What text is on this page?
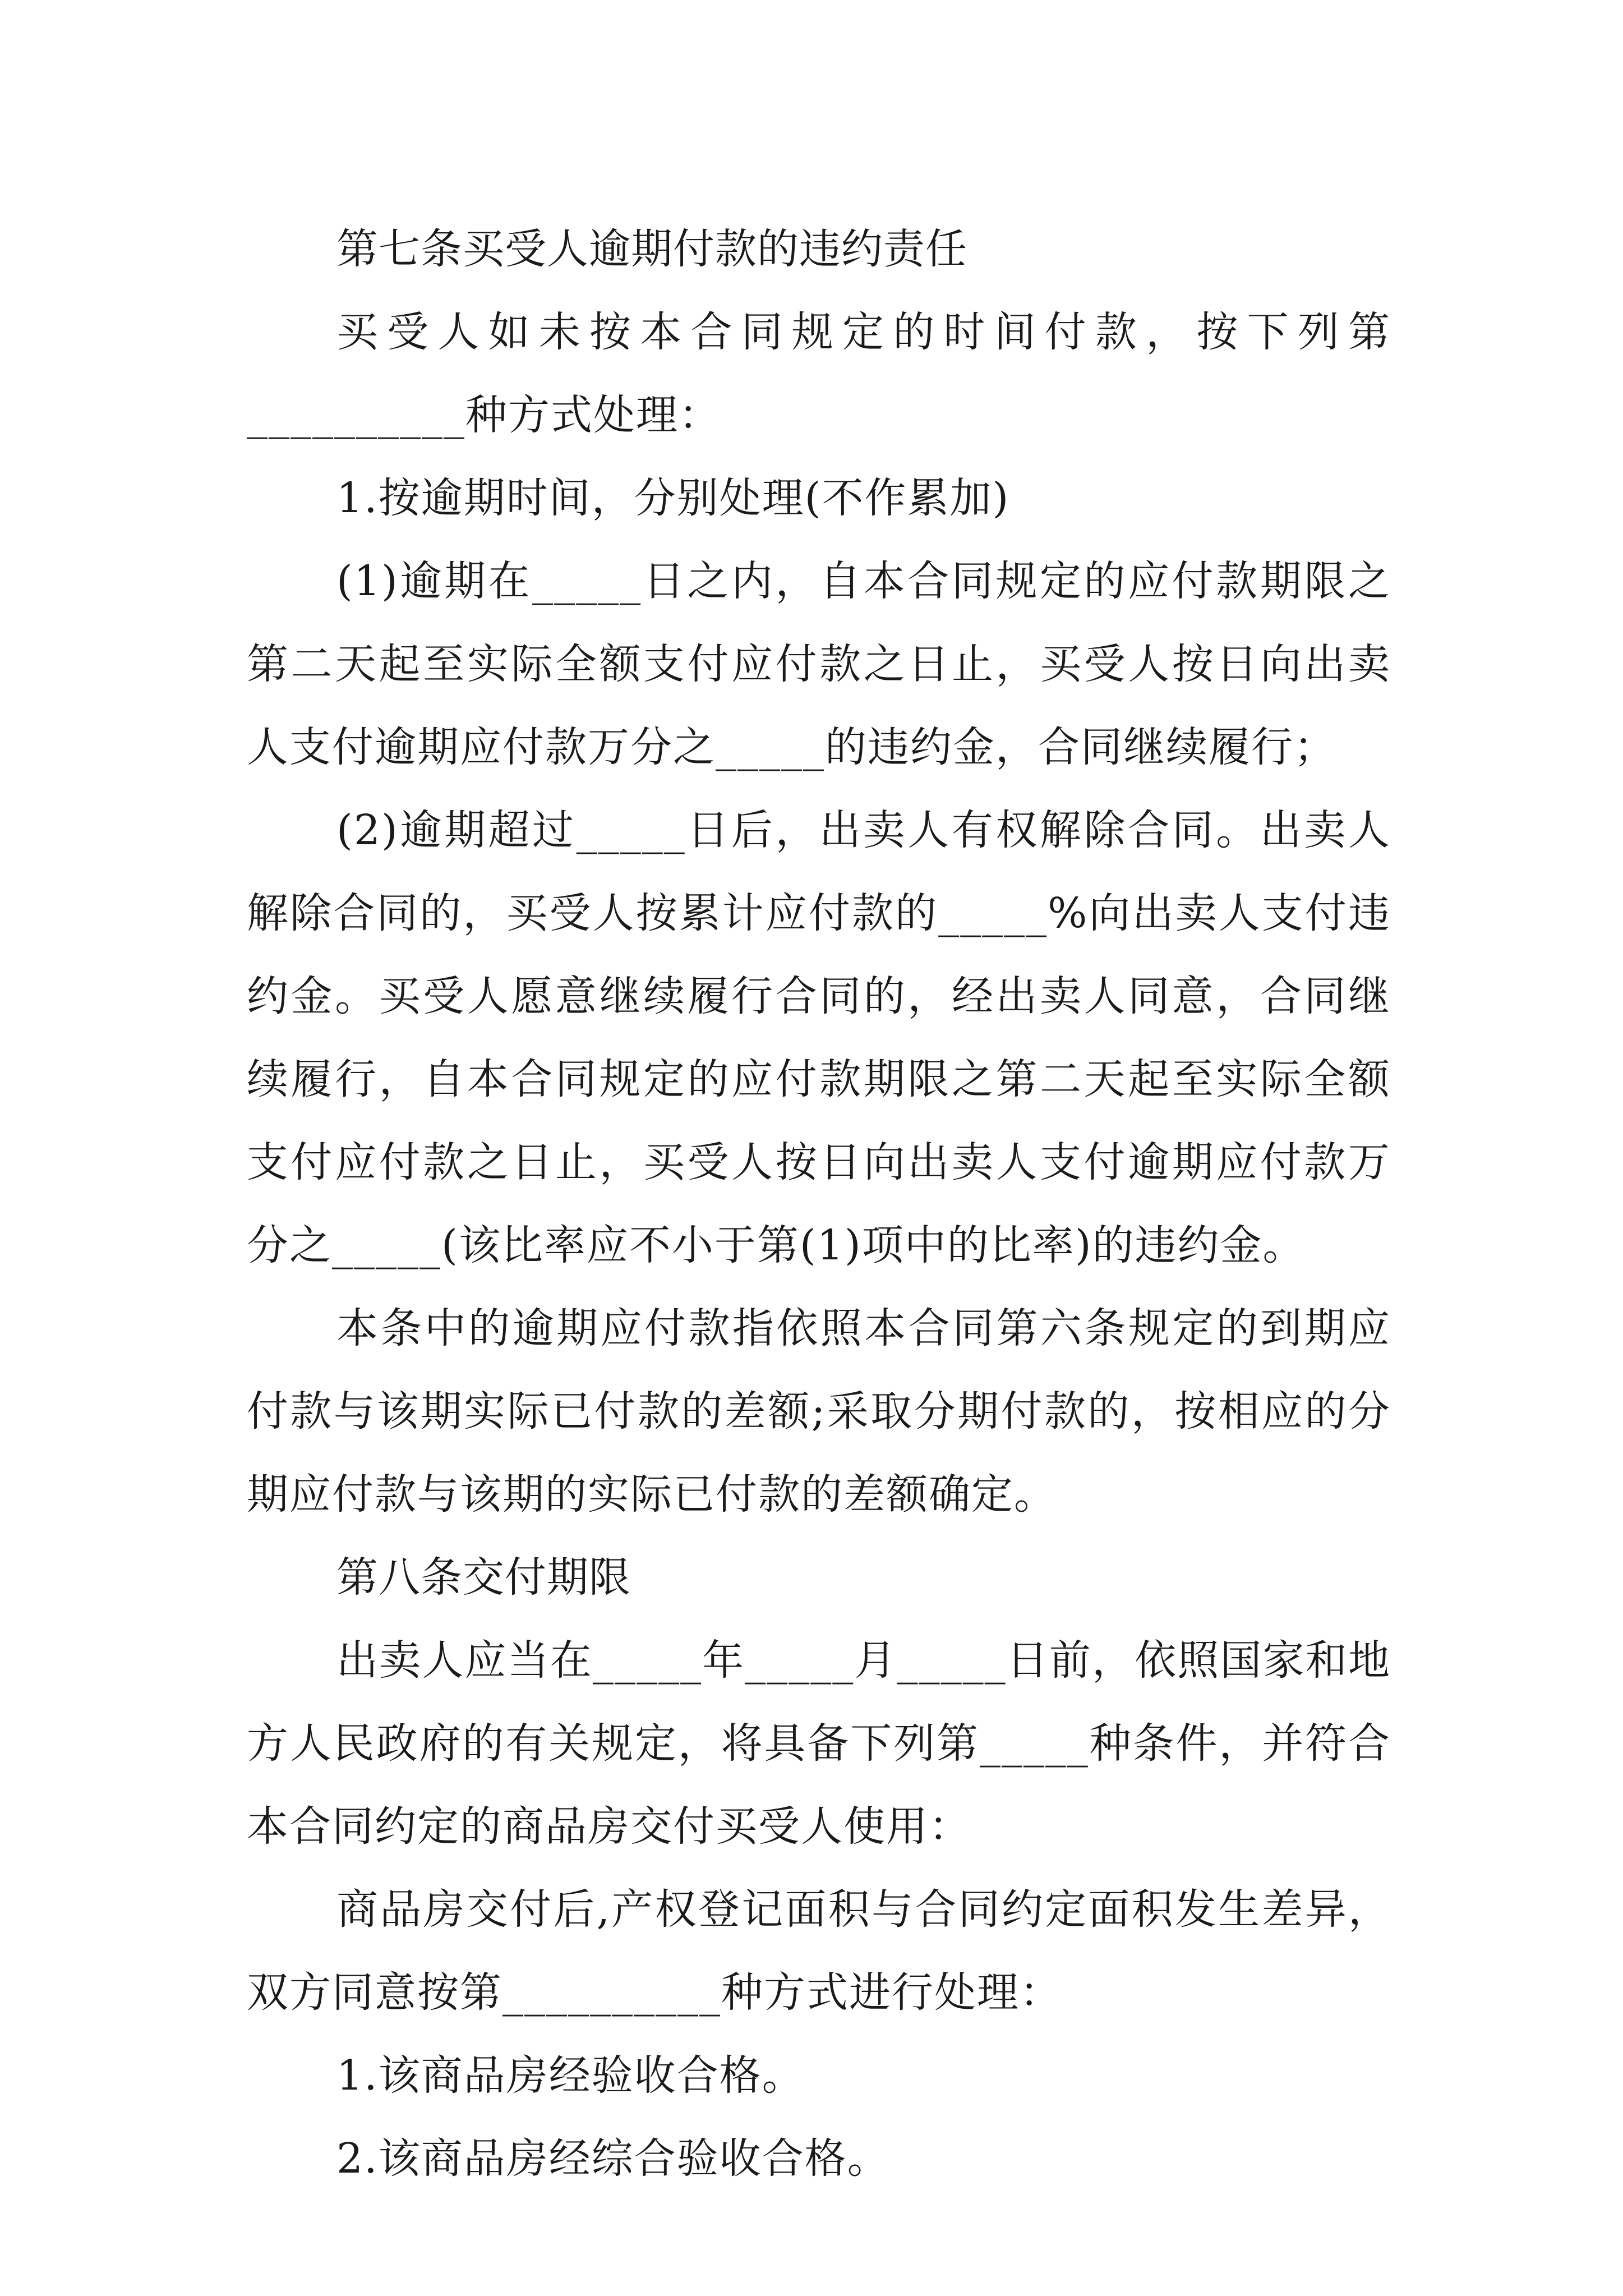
第七条买受人逾期付款的违约责任

买受人如未按本合同规定的时间付款，按下列第__________种方式处理：

1.按逾期时间，分别处理(不作累加)

(1)逾期在_____日之内，自本合同规定的应付款期限之第二天起至实际全额支付应付款之日止，买受人按日向出卖人支付逾期应付款万分之_____的违约金，合同继续履行；

(2)逾期超过_____日后，出卖人有权解除合同。出卖人解除合同的，买受人按累计应付款的_____%向出卖人支付违约金。买受人愿意继续履行合同的，经出卖人同意，合同继续履行，自本合同规定的应付款期限之第二天起至实际全额支付应付款之日止，买受人按日向出卖人支付逾期应付款万分之_____(该比率应不小于第(1)项中的比率)的违约金。

本条中的逾期应付款指依照本合同第六条规定的到期应付款与该期实际已付款的差额;采取分期付款的，按相应的分期应付款与该期的实际已付款的差额确定。

第八条交付期限

出卖人应当在_____年_____月_____日前，依照国家和地方人民政府的有关规定，将具备下列第_____种条件，并符合本合同约定的商品房交付买受人使用：

商品房交付后,产权登记面积与合同约定面积发生差异，双方同意按第__________种方式进行处理：

1.该商品房经验收合格。

2.该商品房经综合验收合格。
